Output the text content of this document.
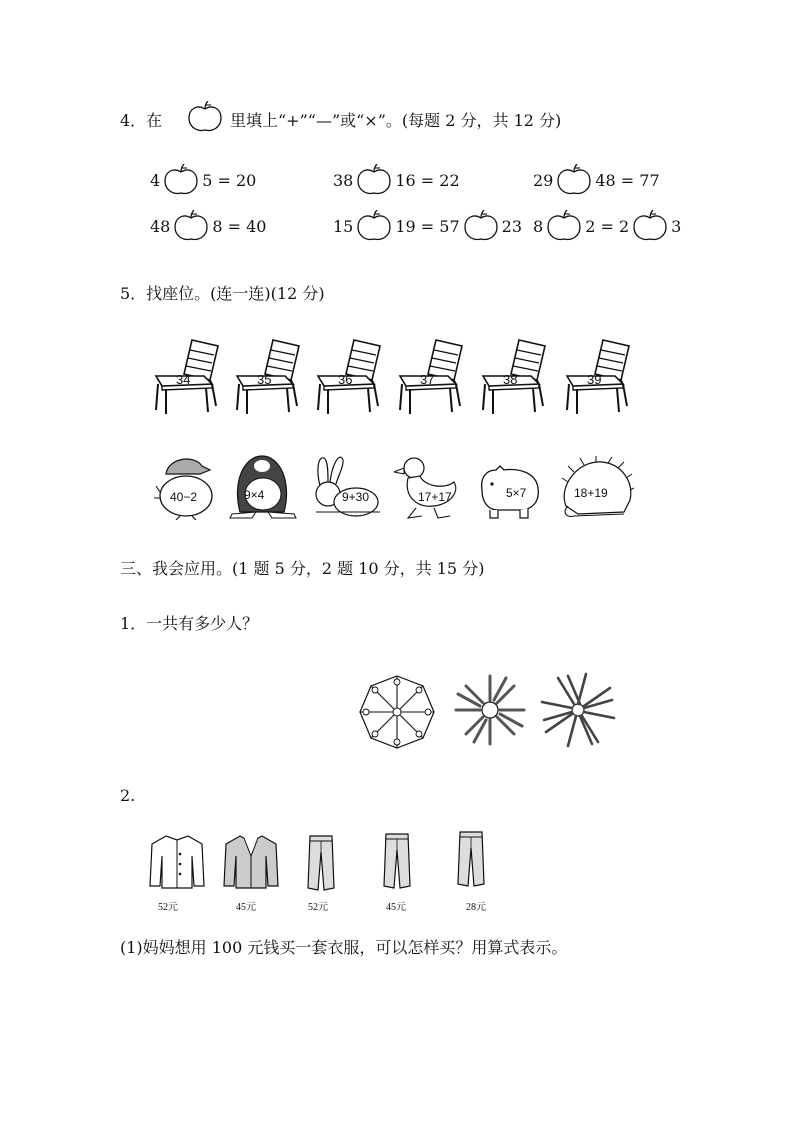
4．在	里填上“+”“—”或“×”。(每题 2 分，共 12 分)
4	5 = 20	38	16 = 22	29	48 = 77
48	8 = 40	15	19 = 57	23 8	2 = 2	3
5．找座位。(连一连)(12 分)
34	35	36	37	38	39
40−2	9×4	9+30	17+17	5×7	18+19
三、我会应用。(1 题 5 分，2 题 10 分，共 15 分)
1．一共有多少人？
2.
52元	45元	52元	45元	28元
(1)妈妈想用 100 元钱买一套衣服，可以怎样买？用算式表示。
